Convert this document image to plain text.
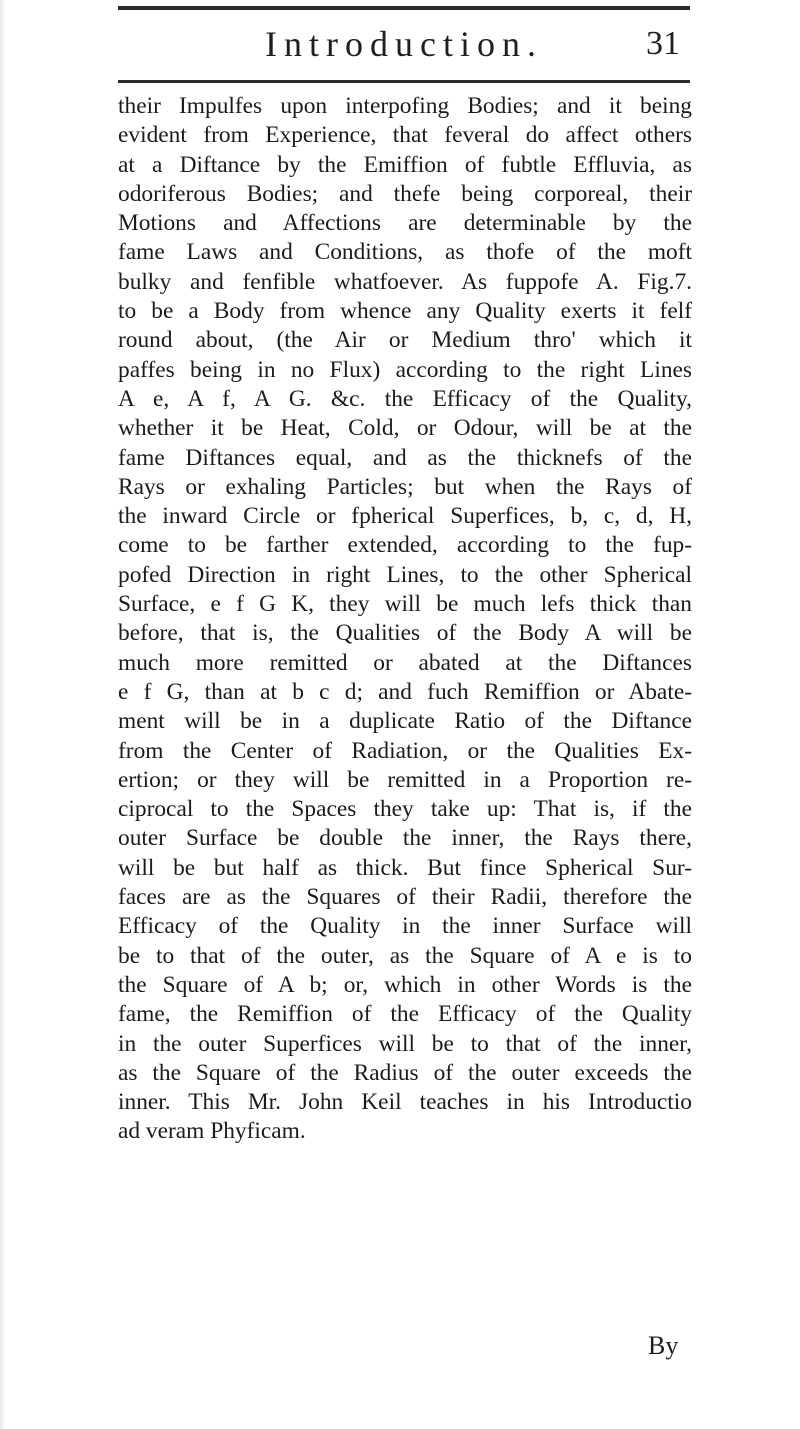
Introduction.	31
their Impulfes upon interpofing Bodies; and it being
evident from Experience, that feveral do affect others
at a Diftance by the Emiffion of fubtle Effluvia, as
odoriferous Bodies; and thefe being corporeal, their
Motions and Affections are determinable by the
fame Laws and Conditions, as thofe of the moft
bulky and fenfible whatfoever. As fuppofe A. Fig.7.
to be a Body from whence any Quality exerts it felf
round about, (the Air or Medium thro' which it
paffes being in no Flux) according to the right Lines
A e, A f, A G. &c. the Efficacy of the Quality,
whether it be Heat, Cold, or Odour, will be at the
fame Diftances equal, and as the thicknefs of the
Rays or exhaling Particles; but when the Rays of
the inward Circle or fpherical Superfices, b, c, d, H,
come to be farther extended, according to the fup-
pofed Direction in right Lines, to the other Spherical
Surface, e f G K, they will be much lefs thick than
before, that is, the Qualities of the Body A will be
much more remitted or abated at the Diftances
e f G, than at b c d; and fuch Remiffion or Abate-
ment will be in a duplicate Ratio of the Diftance
from the Center of Radiation, or the Qualities Ex-
ertion; or they will be remitted in a Proportion re-
ciprocal to the Spaces they take up: That is, if the
outer Surface be double the inner, the Rays there,
will be but half as thick. But fince Spherical Sur-
faces are as the Squares of their Radii, therefore the
Efficacy of the Quality in the inner Surface will
be to that of the outer, as the Square of A e is to
the Square of A b; or, which in other Words is the
fame, the Remiffion of the Efficacy of the Quality
in the outer Superfices will be to that of the inner,
as the Square of the Radius of the outer exceeds the
inner. This Mr. John Keil teaches in his Introductio
ad veram Phyficam.
By
